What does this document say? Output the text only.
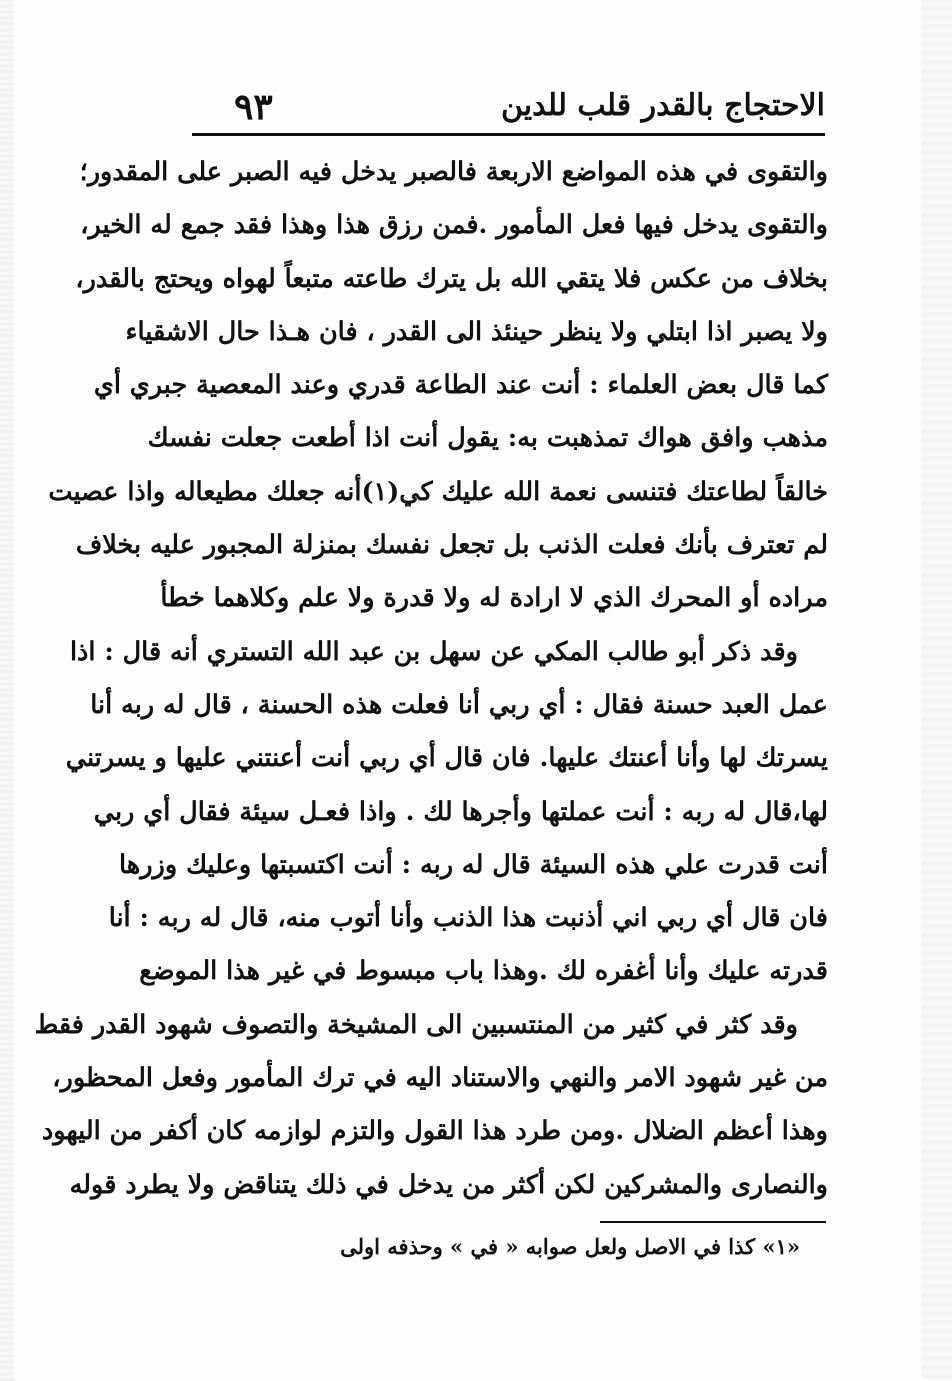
الاحتجاج بالقدر قلب للدين
٩٣
والتقوى في هذه المواضع الاربعة فالصبر يدخل فيه الصبر على المقدور؛
والتقوى يدخل فيها فعل المأمور .فمن رزق هذا وهذا فقد جمع له الخير،
بخلاف من عكس فلا يتقي الله بل يترك طاعته متبعاً لهواه ويحتج بالقدر،
ولا يصبر اذا ابتلي ولا ينظر حينئذ الى القدر ، فان هـذا حال الاشقياء
كما قال بعض العلماء : أنت عند الطاعة قدري وعند المعصية جبري أي
مذهب وافق هواك تمذهبت به: يقول أنت اذا أطعت جعلت نفسك
خالقاً لطاعتك فتنسى نعمة الله عليك كي(١)أنه جعلك مطيعاله واذا عصيت
لم تعترف بأنك فعلت الذنب بل تجعل نفسك بمنزلة المجبور عليه بخلاف
مراده أو المحرك الذي لا ارادة له ولا قدرة ولا علم وكلاهما خطأ
وقد ذكر أبو طالب المكي عن سهل بن عبد الله التستري أنه قال : اذا
عمل العبد حسنة فقال : أي ربي أنا فعلت هذه الحسنة ، قال له ربه أنا
يسرتك لها وأنا أعنتك عليها. فان قال أي ربي أنت أعنتني عليها و يسرتني
لها،قال له ربه : أنت عملتها وأجرها لك . واذا فعـل سيئة فقال أي ربي
أنت قدرت علي هذه السيئة قال له ربه : أنت اكتسبتها وعليك وزرها
فان قال أي ربي اني أذنبت هذا الذنب وأنا أتوب منه، قال له ربه : أنا
قدرته عليك وأنا أغفره لك .وهذا باب مبسوط في غير هذا الموضع
وقد كثر في كثير من المنتسبين الى المشيخة والتصوف شهود القدر فقط
من غير شهود الامر والنهي والاستناد اليه في ترك المأمور وفعل المحظور،
وهذا أعظم الضلال .ومن طرد هذا القول والتزم لوازمه كان أكفر من اليهود
والنصارى والمشركين لكن أكثر من يدخل في ذلك يتناقض ولا يطرد قوله
«١» كذا في الاصل ولعل صوابه « في » وحذفه اولى
